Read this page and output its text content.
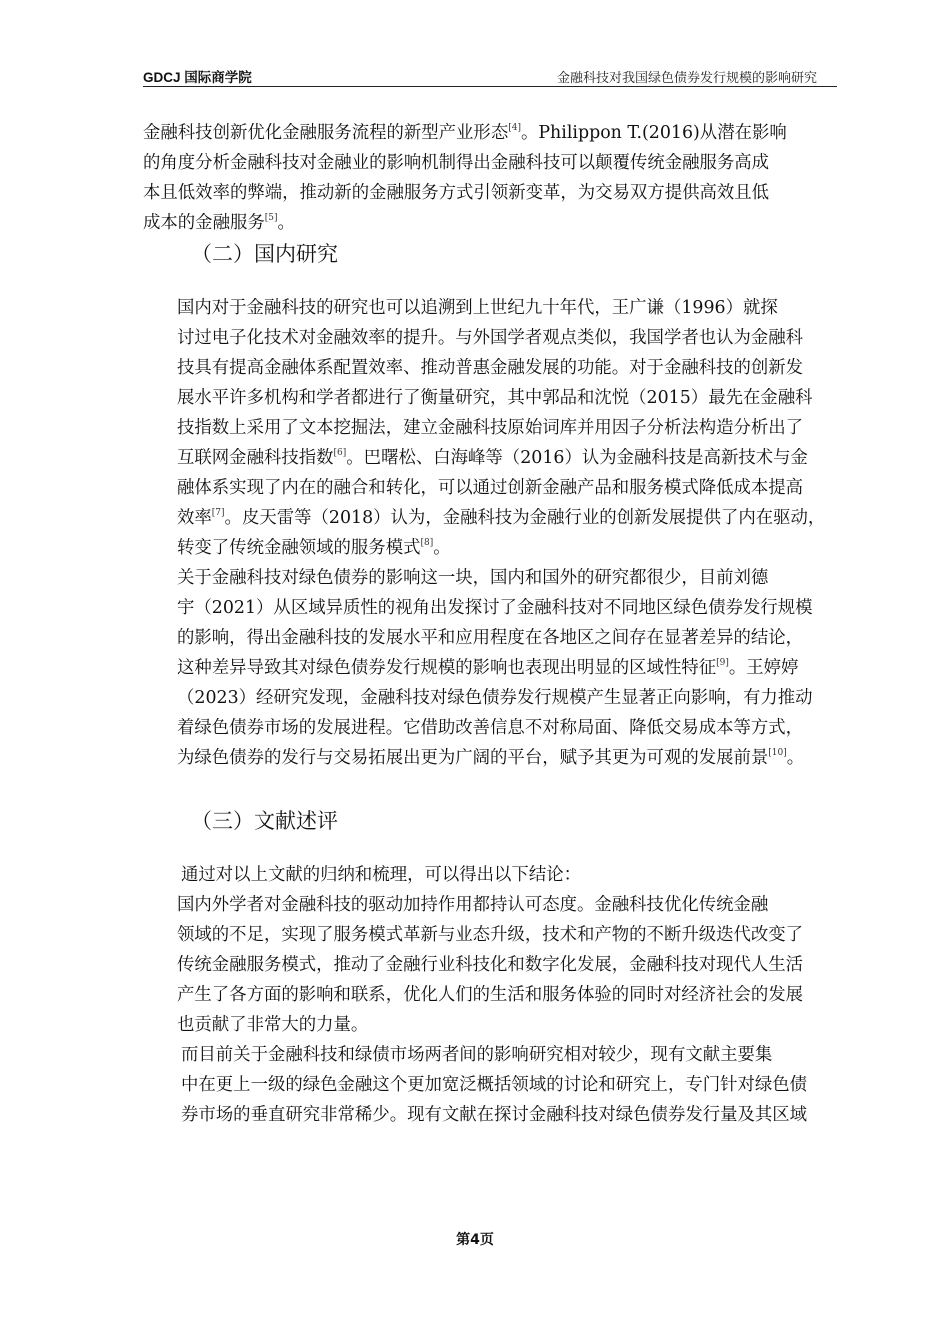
GDCJ 国际商学院	金融科技对我国绿色债券发行规模的影响研究

金融科技创新优化金融服务流程的新型产业形态[4]。Philippon T.(2016)从潜在影响
的角度分析金融科技对金融业的影响机制得出金融科技可以颠覆传统金融服务高成
本且低效率的弊端，推动新的金融服务方式引领新变革，为交易双方提供高效且低
成本的金融服务[5]。

（二）国内研究

国内对于金融科技的研究也可以追溯到上世纪九十年代，王广谦（1996）就探
讨过电子化技术对金融效率的提升。与外国学者观点类似，我国学者也认为金融科
技具有提高金融体系配置效率、推动普惠金融发展的功能。对于金融科技的创新发
展水平许多机构和学者都进行了衡量研究，其中郭品和沈悦（2015）最先在金融科
技指数上采用了文本挖掘法，建立金融科技原始词库并用因子分析法构造分析出了
互联网金融科技指数[6]。巴曙松、白海峰等（2016）认为金融科技是高新技术与金
融体系实现了内在的融合和转化，可以通过创新金融产品和服务模式降低成本提高
效率[7]。皮天雷等（2018）认为，金融科技为金融行业的创新发展提供了内在驱动，
转变了传统金融领域的服务模式[8]。

关于金融科技对绿色债券的影响这一块，国内和国外的研究都很少，目前刘德
宇（2021）从区域异质性的视角出发探讨了金融科技对不同地区绿色债券发行规模
的影响，得出金融科技的发展水平和应用程度在各地区之间存在显著差异的结论，
这种差异导致其对绿色债券发行规模的影响也表现出明显的区域性特征[9]。王婷婷
（2023）经研究发现，金融科技对绿色债券发行规模产生显著正向影响，有力推动
着绿色债券市场的发展进程。它借助改善信息不对称局面、降低交易成本等方式，
为绿色债券的发行与交易拓展出更为广阔的平台，赋予其更为可观的发展前景[10]。

（三）文献述评

通过对以上文献的归纳和梳理，可以得出以下结论：

国内外学者对金融科技的驱动加持作用都持认可态度。金融科技优化传统金融
领域的不足，实现了服务模式革新与业态升级，技术和产物的不断升级迭代改变了
传统金融服务模式，推动了金融行业科技化和数字化发展，金融科技对现代人生活
产生了各方面的影响和联系，优化人们的生活和服务体验的同时对经济社会的发展
也贡献了非常大的力量。

而目前关于金融科技和绿债市场两者间的影响研究相对较少，现有文献主要集
中在更上一级的绿色金融这个更加宽泛概括领域的讨论和研究上，专门针对绿色债
券市场的垂直研究非常稀少。现有文献在探讨金融科技对绿色债券发行量及其区域

第4页
